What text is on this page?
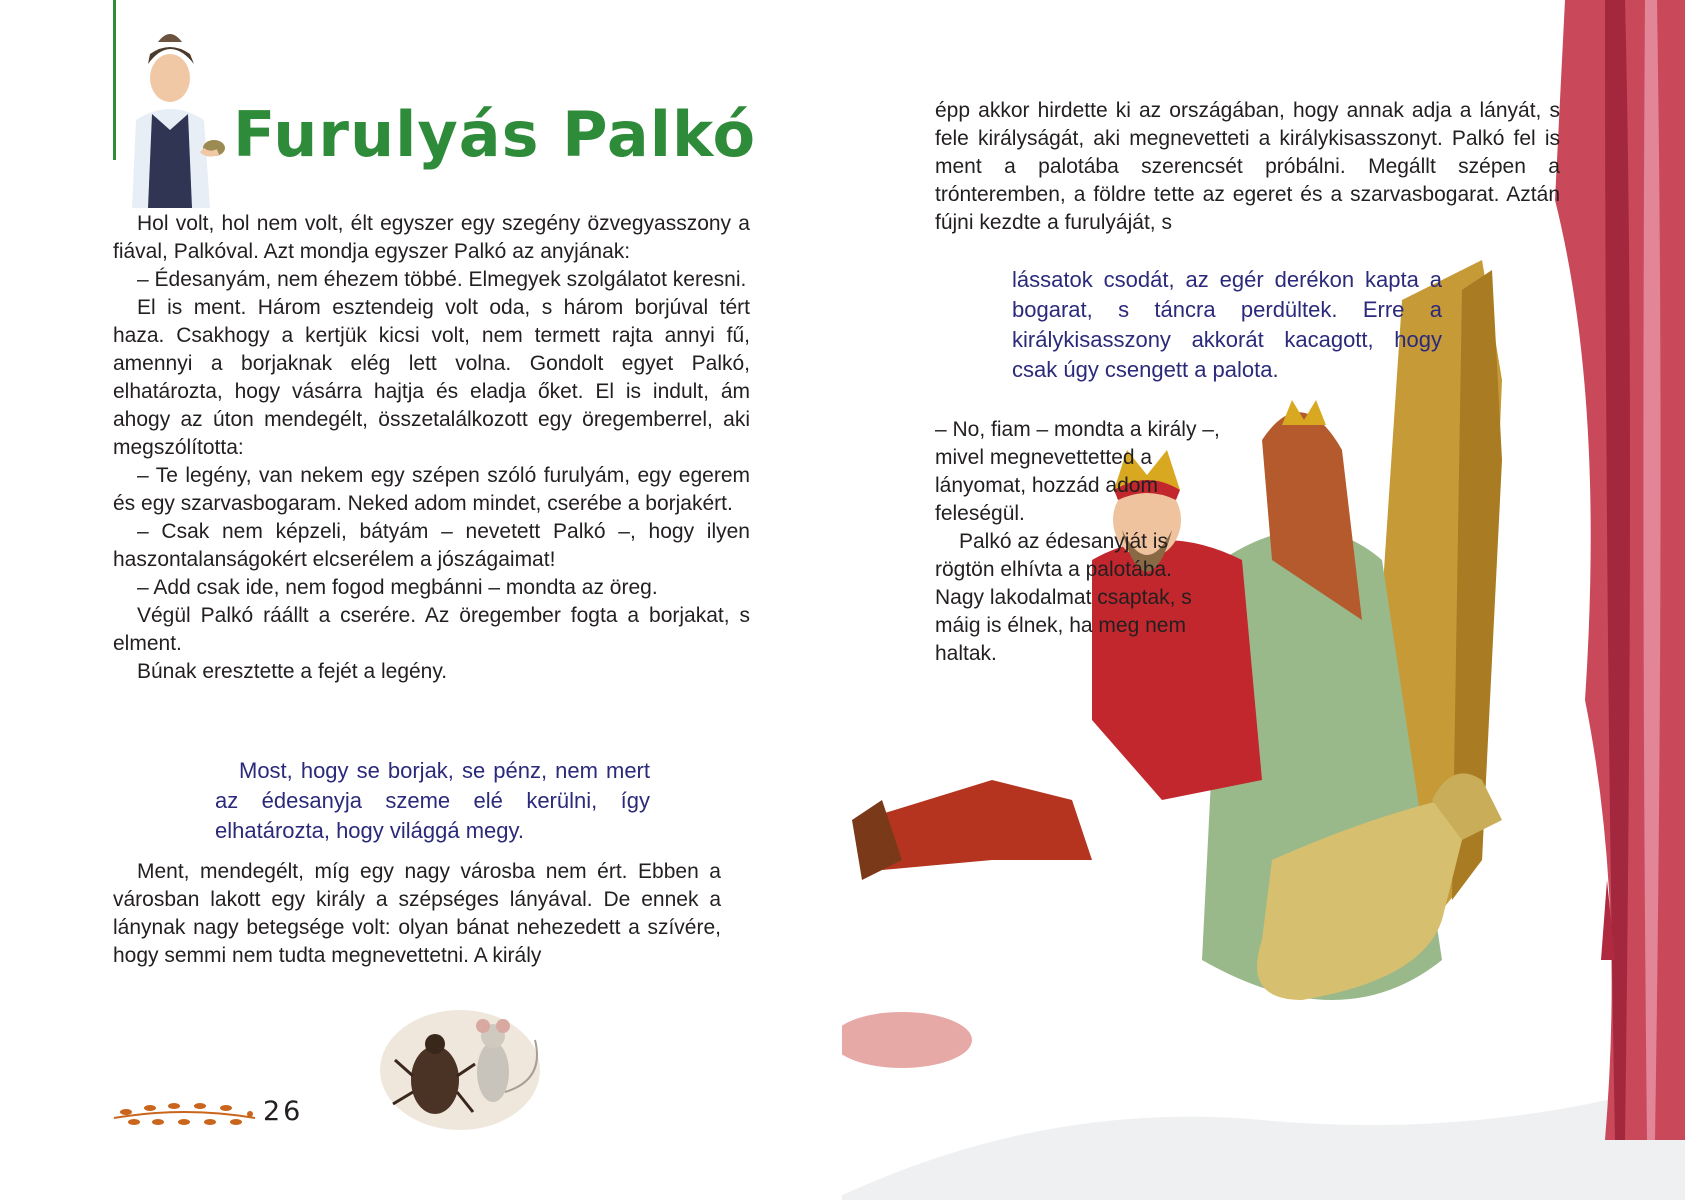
Furulyás Palkó

Hol volt, hol nem volt, élt egyszer egy szegény özvegyasszony a fiával, Palkóval. Azt mondja egyszer Palkó az anyjának:

– Édesanyám, nem éhezem többé. Elmegyek szolgálatot keresni.

El is ment. Három esztendeig volt oda, s három borjúval tért haza. Csakhogy a kertjük kicsi volt, nem termett rajta annyi fű, amennyi a borjaknak elég lett volna. Gondolt egyet Palkó, elhatározta, hogy vásárra hajtja és eladja őket. El is indult, ám ahogy az úton mendegélt, összetalálkozott egy öregemberrel, aki megszólította:

– Te legény, van nekem egy szépen szóló furulyám, egy egerem és egy szarvasbogaram. Neked adom mindet, cserébe a borjakért.

– Csak nem képzeli, bátyám – nevetett Palkó –, hogy ilyen haszontalanságokért elcserélem a jószágaimat!

– Add csak ide, nem fogod megbánni – mondta az öreg.

Végül Palkó ráállt a cserére. Az öregember fogta a borjakat, s elment.

Búnak eresztette a fejét a legény.

Most, hogy se borjak, se pénz, nem mert az édesanyja szeme elé kerülni, így elhatározta, hogy világgá megy.

Ment, mendegélt, míg egy nagy városba nem ért. Ebben a városban lakott egy király a szépséges lányával. De ennek a lánynak nagy betegsége volt: olyan bánat nehezedett a szívére, hogy semmi nem tudta megnevettetni. A király

26

épp akkor hirdette ki az országában, hogy annak adja a lányát, s fele királyságát, aki megnevetteti a királykisasszonyt. Palkó fel is ment a palotába szerencsét próbálni. Megállt szépen a trónteremben, a földre tette az egeret és a szarvasbogarat. Aztán fújni kezdte a furulyáját, s

lássatok csodát, az egér derékon kapta a bogarat, s táncra perdültek. Erre a királykisasszony akkorát kacagott, hogy csak úgy csengett a palota.

– No, fiam – mondta a király –, mivel megnevettetted a lányomat, hozzád adom feleségül.

Palkó az édesanyját is rögtön elhívta a palotába. Nagy lakodalmat csaptak, s máig is élnek, ha meg nem haltak.
